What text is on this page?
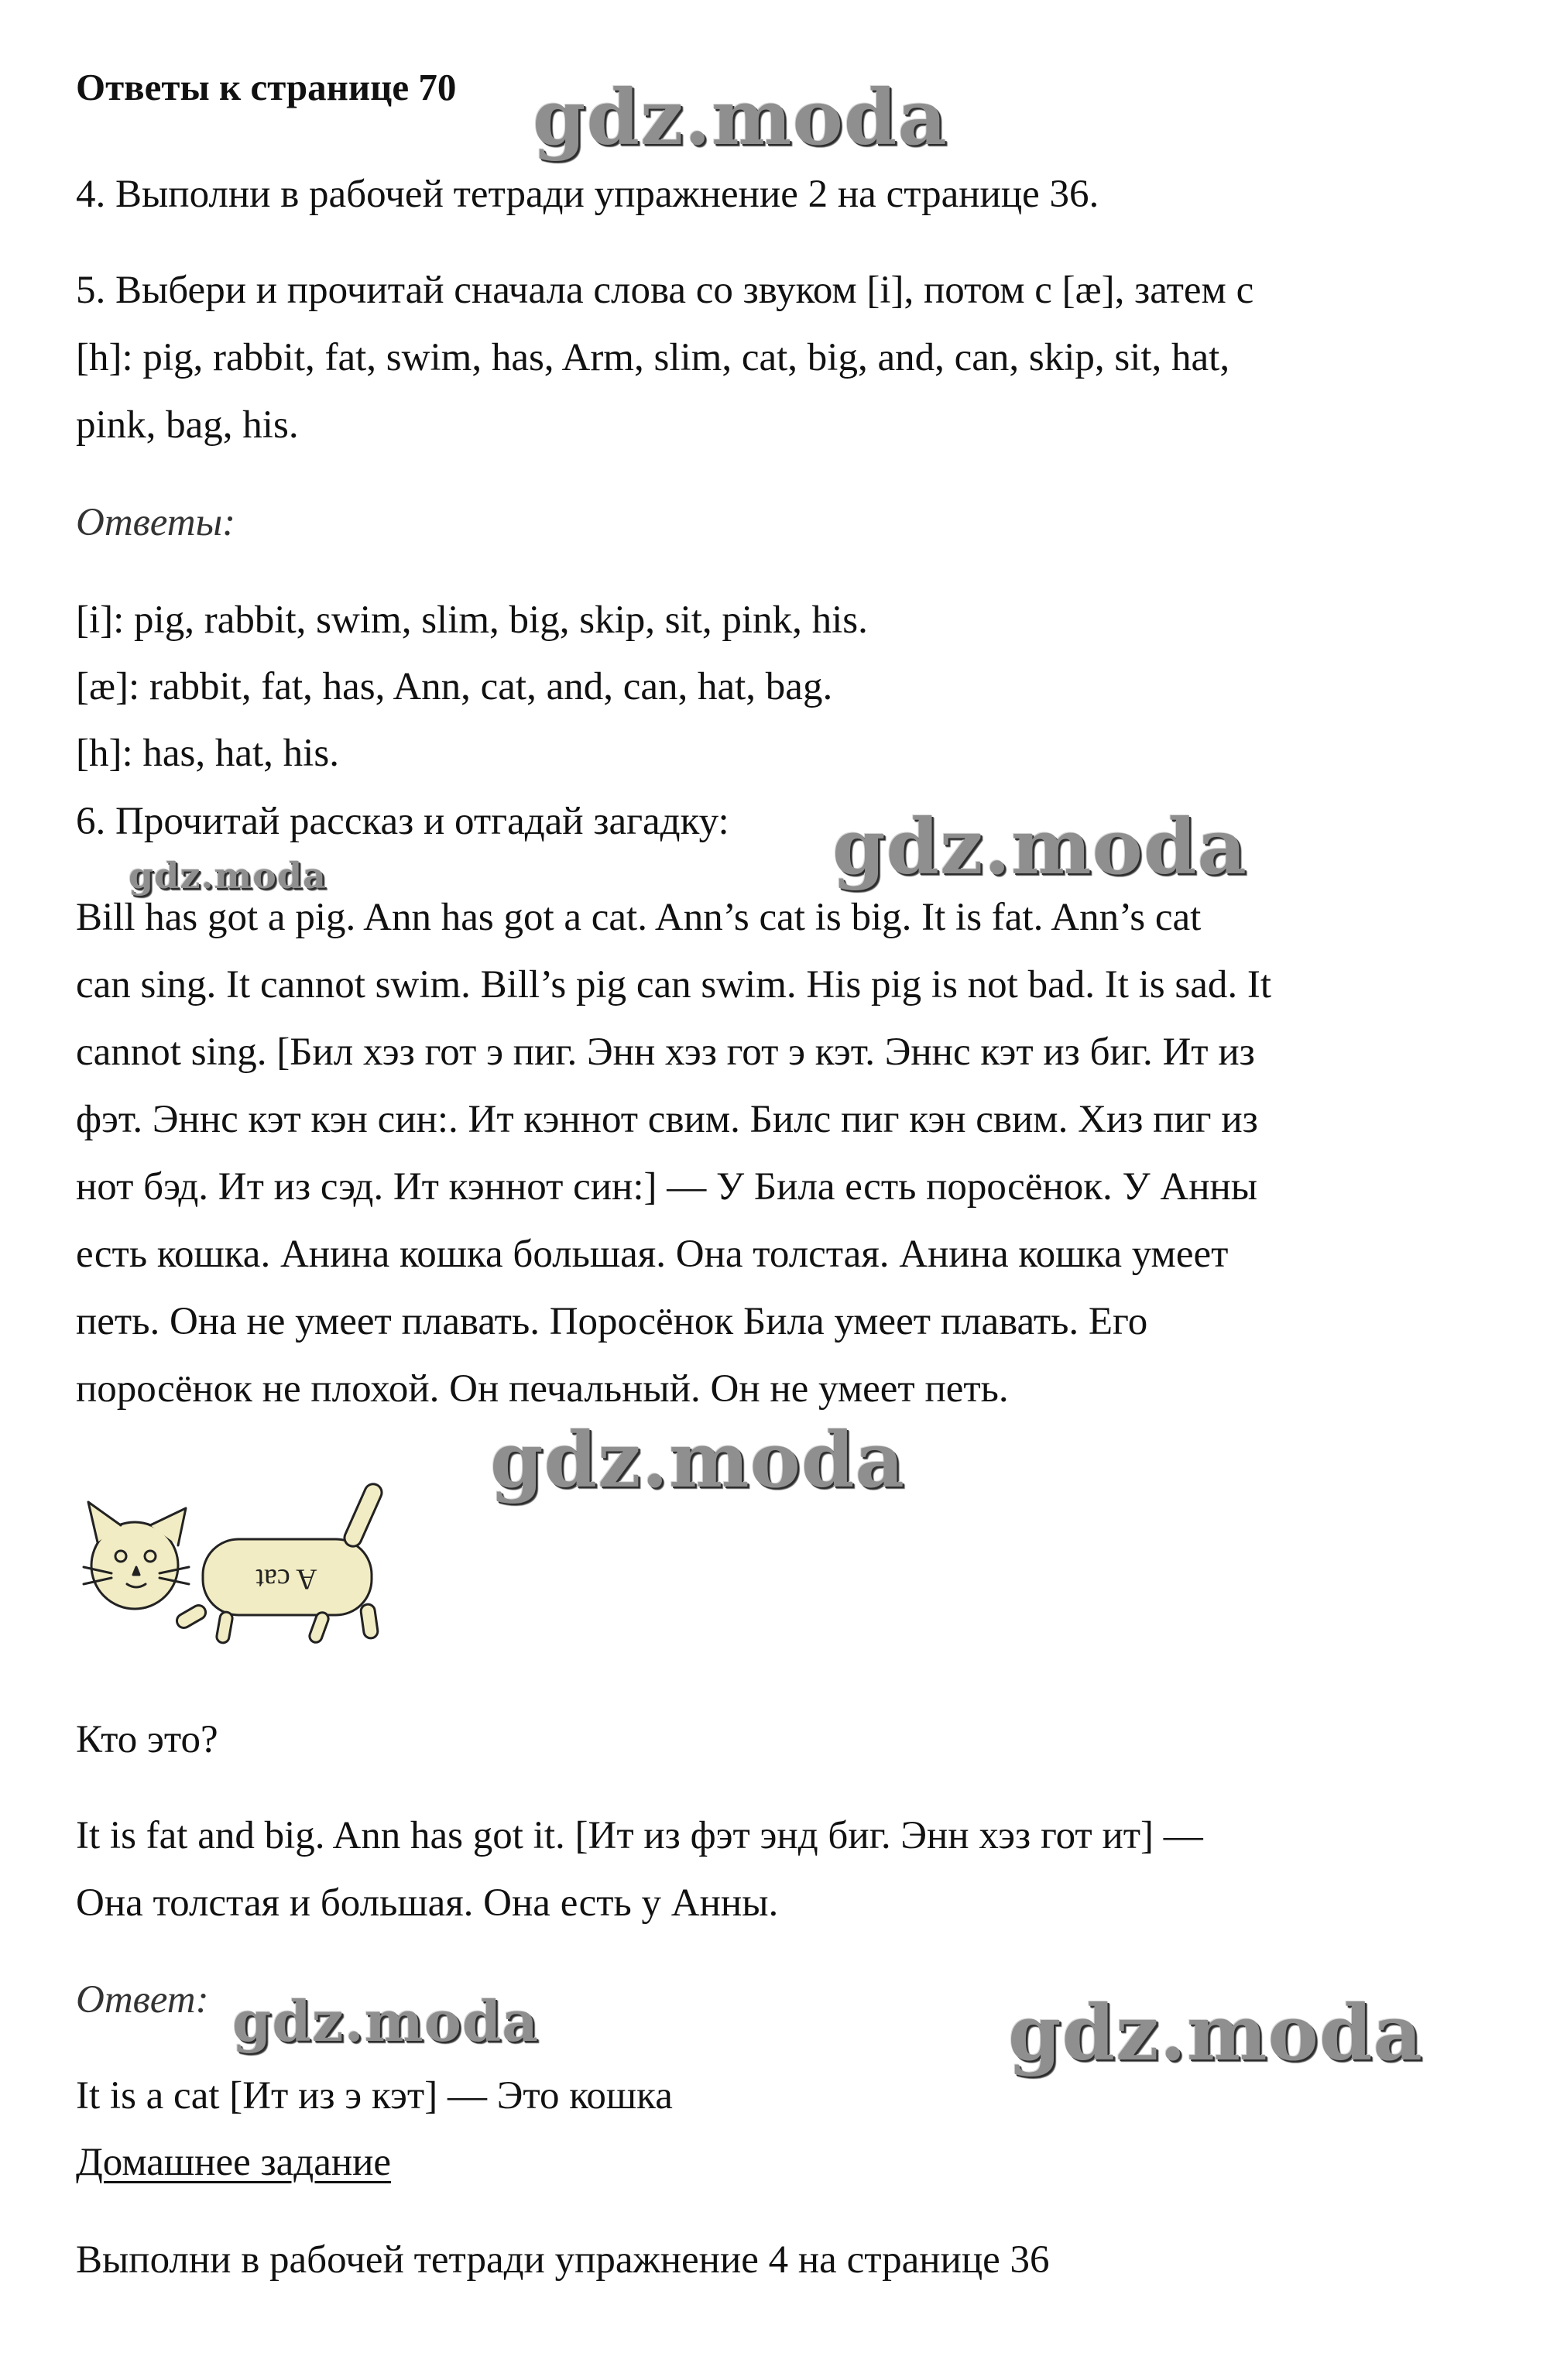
Ответы к странице 70 gdz.moda
gdz.moda
gdz.moda
gdz.moda
gdz.moda	gdz.moda
4. Выполни в рабочей тетради упражнение 2 на странице 36.
5. Выбери и прочитай сначала слова со звуком [i], потом с [æ], затем с
[h]: pig, rabbit, fat, swim, has, Arm, slim, cat, big, and, can, skip, sit, hat,
pink, bag, his.
Ответы:
[i]: pig, rabbit, swim, slim, big, skip, sit, pink, his.
[æ]: rabbit, fat, has, Ann, cat, and, can, hat, bag.
[h]: has, hat, his.
6. Прочитай рассказ и отгадай загадку:
Bill has got a pig. Ann has got a cat. Ann’s cat is big. It is fat. Ann’s cat
can sing. It cannot swim. Bill’s pig can swim. His pig is not bad. It is sad. It
cannot sing. [Бил хэз гот э пиг. Энн хэз гот э кэт. Эннс кэт из биг. Ит из
фэт. Эннс кэт кэн син:. Ит кэннот свим. Билс пиг кэн свим. Хиз пиг из
нот бэд. Ит из сэд. Ит кэннот син:] — У Била есть поросёнок. У Анны
есть кошка. Анина кошка большая. Она толстая. Анина кошка умеет
петь. Она не умеет плавать. Поросёнок Била умеет плавать. Его
поросёнок не плохой. Он печальный. Он не умеет петь.
A cat
Кто это?
It is fat and big. Ann has got it. [Ит из фэт энд биг. Энн хэз гот ит] —
Она толстая и большая. Она есть у Анны.
Ответ:
It is a cat [Ит из э кэт] — Это кошка
Домашнее задание
Выполни в рабочей тетради упражнение 4 на странице 36
